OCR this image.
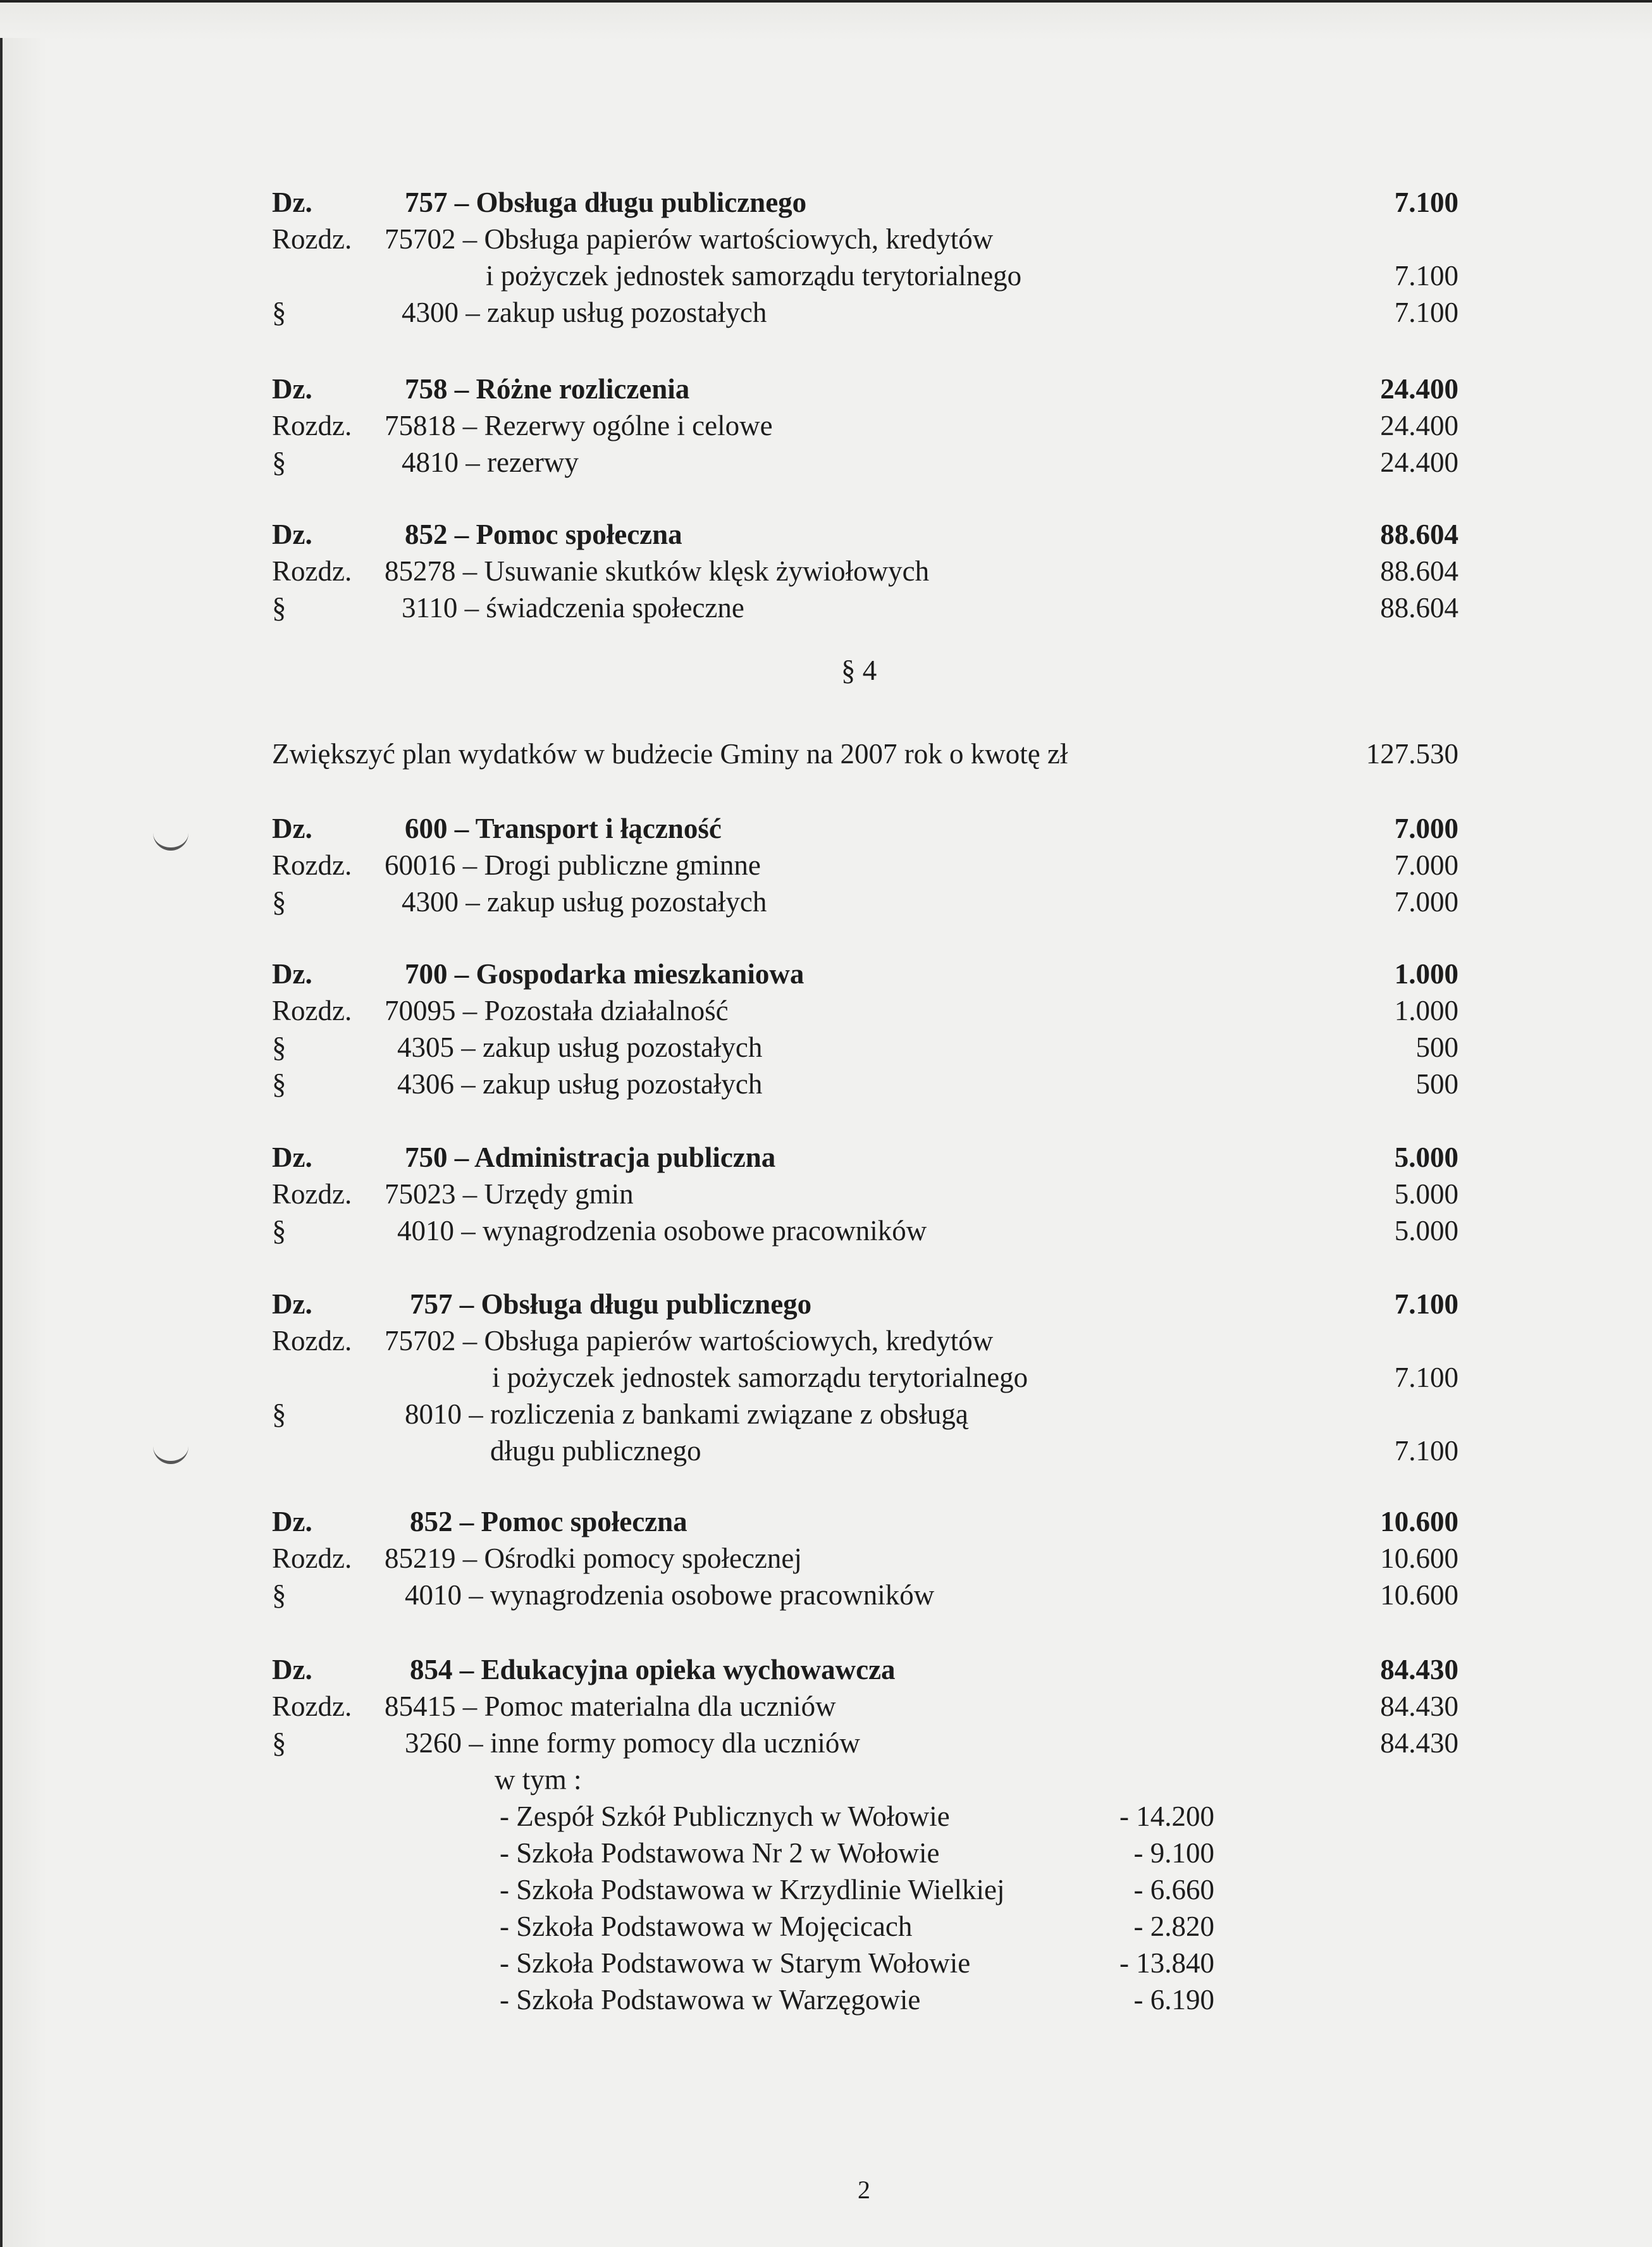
Dz.	757 – Obsługa długu publicznego	7.100
Rozdz. 75702 – Obsługa papierów wartościowych, kredytów
i pożyczek jednostek samorządu terytorialnego	7.100
§	4300 – zakup usług pozostałych	7.100
Dz.	758 – Różne rozliczenia	24.400
Rozdz. 75818 – Rezerwy ogólne i celowe	24.400
§	4810 – rezerwy	24.400
Dz.	852 – Pomoc społeczna	88.604
Rozdz. 85278 – Usuwanie skutków klęsk żywiołowych	88.604
§	3110 – świadczenia społeczne	88.604
§ 4
Zwiększyć plan wydatków w budżecie Gminy na 2007 rok o kwotę zł	127.530
Dz.	600 – Transport i łączność	7.000
Rozdz. 60016 – Drogi publiczne gminne	7.000
§	4300 – zakup usług pozostałych	7.000
Dz.	700 – Gospodarka mieszkaniowa	1.000
Rozdz. 70095 – Pozostała działalność	1.000
§	4305 – zakup usług pozostałych	500
§	4306 – zakup usług pozostałych	500
Dz.	750 – Administracja publiczna	5.000
Rozdz. 75023 – Urzędy gmin	5.000
§	4010 – wynagrodzenia osobowe pracowników	5.000
Dz.	757 – Obsługa długu publicznego	7.100
Rozdz. 75702 – Obsługa papierów wartościowych, kredytów
i pożyczek jednostek samorządu terytorialnego	7.100
§	8010 – rozliczenia z bankami związane z obsługą
długu publicznego	7.100
Dz.	852 – Pomoc społeczna	10.600
Rozdz. 85219 – Ośrodki pomocy społecznej	10.600
§	4010 – wynagrodzenia osobowe pracowników	10.600
Dz.	854 – Edukacyjna opieka wychowawcza	84.430
Rozdz. 85415 – Pomoc materialna dla uczniów	84.430
§	3260 – inne formy pomocy dla uczniów	84.430
w tym :
- Zespół Szkół Publicznych w Wołowie	- 14.200
- Szkoła Podstawowa Nr 2 w Wołowie	- 9.100
- Szkoła Podstawowa w Krzydlinie Wielkiej	- 6.660
- Szkoła Podstawowa w Mojęcicach	- 2.820
- Szkoła Podstawowa w Starym Wołowie	- 13.840
- Szkoła Podstawowa w Warzęgowie	- 6.190
2
